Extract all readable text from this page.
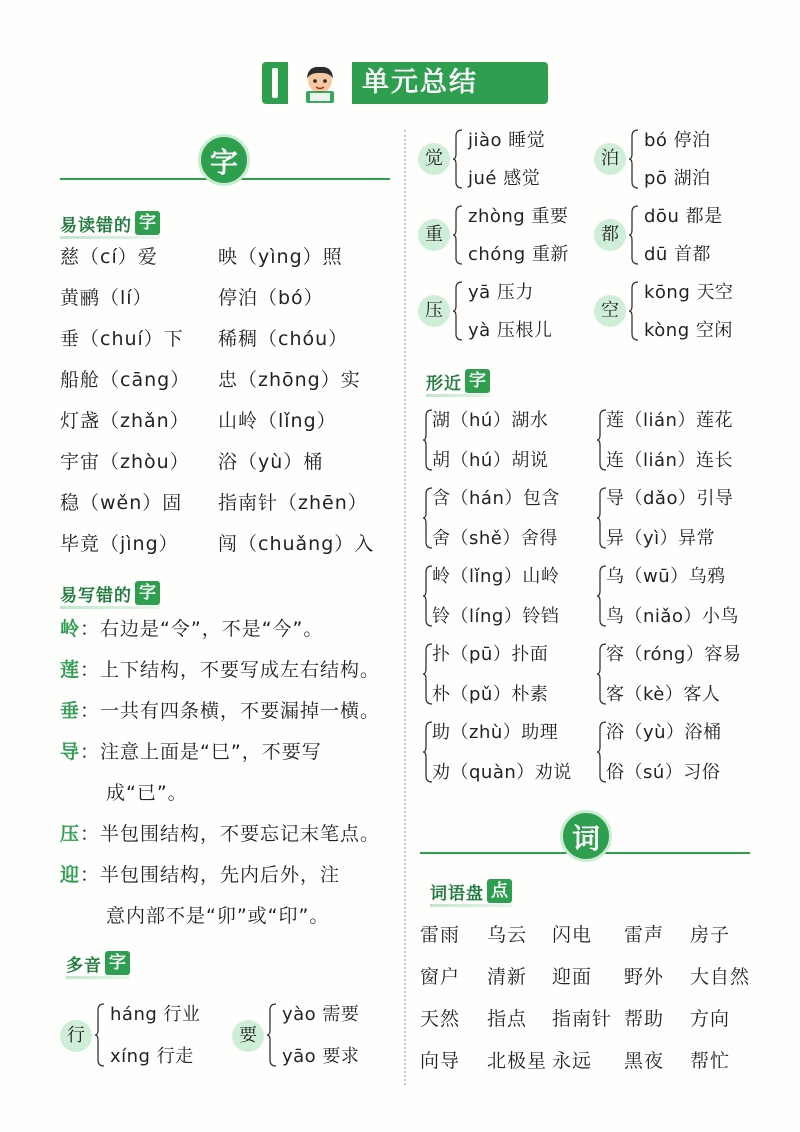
单元总结
字
易读错的 字
易写错的 字
多音 字
形近 字
词
词语盘 点
慈（cí）爱	映（yìng）照
黄鹂（lí）	停泊（bó）
垂（chuí）下 稀稠（chóu）
船舱（cāng） 忠（zhōng）实
灯盏（zhǎn） 山岭（lǐng）
宇宙（zhòu） 浴（yù）桶
稳（wěn）固 指南针（zhēn）
毕竟（jìng） 闯（chuǎng）入
岭：右边是“令”，不是“今”。
莲：上下结构，不要写成左右结构。
垂：一共有四条横，不要漏掉一横。
导：注意上面是“巳”，不要写
成“已”。
压：半包围结构，不要忘记末笔点。
迎：半包围结构，先内后外，注
意内部不是“卯”或“印”。
行
háng 行业
xíng 行走
要
yào 需要
yāo 要求
觉
jiào 睡觉
jué 感觉
泊
bó 停泊
pō 湖泊
重
zhòng 重要
chóng 重新
都
dōu 都是
dū 首都
压
yā 压力
yà 压根儿
空
kōng 天空
kòng 空闲
湖（hú）湖水
胡（hú）胡说
莲（lián）莲花
连（lián）连长
含（hán）包含
舍（shě）舍得
导（dǎo）引导
异（yì）异常
岭（lǐng）山岭
铃（líng）铃铛
乌（wū）乌鸦
鸟（niǎo）小鸟
扑（pū）扑面
朴（pǔ）朴素
容（róng）容易
客（kè）客人
助（zhù）助理
劝（quàn）劝说
浴（yù）浴桶
俗（sú）习俗
雷雨 乌云 闪电 雷声 房子
窗户 清新 迎面 野外 大自然
天然 指点 指南针 帮助 方向
向导 北极星 永远 黑夜 帮忙
